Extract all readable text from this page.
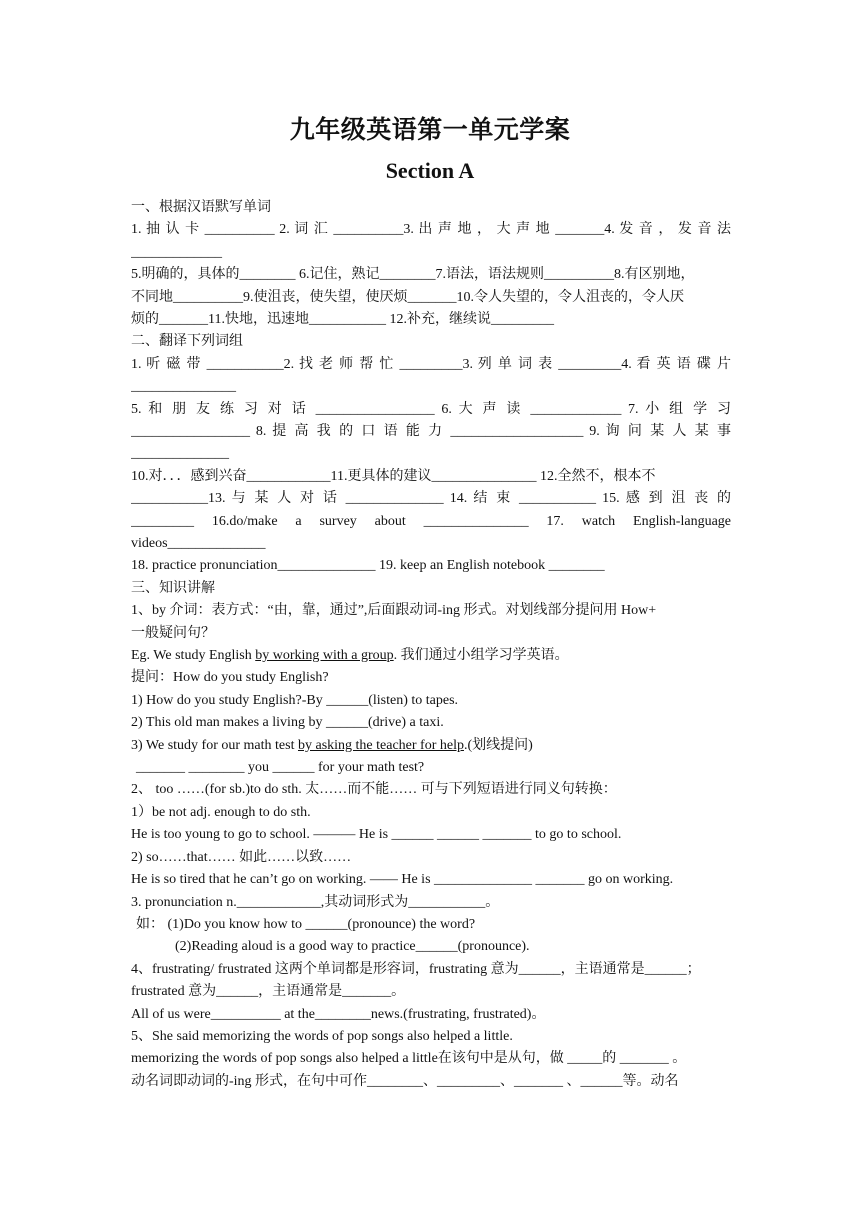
九年级英语第一单元学案
Section A
一、根据汉语默写单词
1. 抽 认 卡 __________ 2. 词 汇 __________3. 出 声 地 ， 大 声 地 _______4. 发 音 ， 发 音 法
_____________
5.明确的，具体的________ 6.记住，熟记________7.语法，语法规则__________8.有区别地，
不同地__________9.使沮丧，使失望，使厌烦_______10.令人失望的，令人沮丧的，令人厌
烦的_______11.快地，迅速地___________ 12.补充，继续说_________
二、翻译下列词组
1. 听 磁 带 ___________2. 找 老 师 帮 忙 _________3. 列 单 词 表 _________4. 看 英 语 碟 片
_______________
5. 和 朋 友 练 习 对 话 _________________ 6. 大 声 读 _____________ 7. 小 组 学 习
_________________ 8. 提 高 我 的 口 语 能 力 ___________________ 9. 询 问 某 人 某 事
______________
10.对．．．感到兴奋____________11.更具体的建议_______________ 12.全然不，根本不
___________13. 与 某 人 对 话 ______________ 14. 结 束 ___________ 15. 感 到 沮 丧 的
_________ 16.do/make a survey about _______________ 17. watch English-language
videos______________
18. practice pronunciation______________ 19. keep an English notebook ________
三、知识讲解
1、by 介词：表方式：“由，靠，通过”,后面跟动词-ing 形式。对划线部分提问用 How+
一般疑问句？
Eg. We study English by working with a group. 我们通过小组学习学英语。
提问：How do you study English?
1) How do you study English?-By ______(listen) to tapes.
2) This old man makes a living by ______(drive) a taxi.
3) We study for our math test by asking the teacher for help.(划线提问)
_______ ________ you ______ for your math test?
2、 too ……(for sb.)to do sth. 太……而不能…… 可与下列短语进行同义句转换：
1）be not adj. enough to do sth.
He is too young to go to school. ——— He is ______ ______ _______ to go to school.
2) so……that…… 如此……以致……
He is so tired that he can’t go on working. —— He is ______________ _______ go on working.
3. pronunciation n.____________,其动词形式为___________。
如： (1)Do you know how to ______(pronounce) the word?
(2)Reading aloud is a good way to practice______(pronounce).
4、frustrating/ frustrated 这两个单词都是形容词，frustrating 意为______，主语通常是______；
frustrated 意为______，主语通常是_______。
All of us were__________ at the________news.(frustrating, frustrated)。
5、She said memorizing the words of pop songs also helped a little.
memorizing the words of pop songs also helped a little在该句中是从句，做 _____的 _______ 。
动名词即动词的-ing 形式，在句中可作________、_________、_______ 、______等。动名
